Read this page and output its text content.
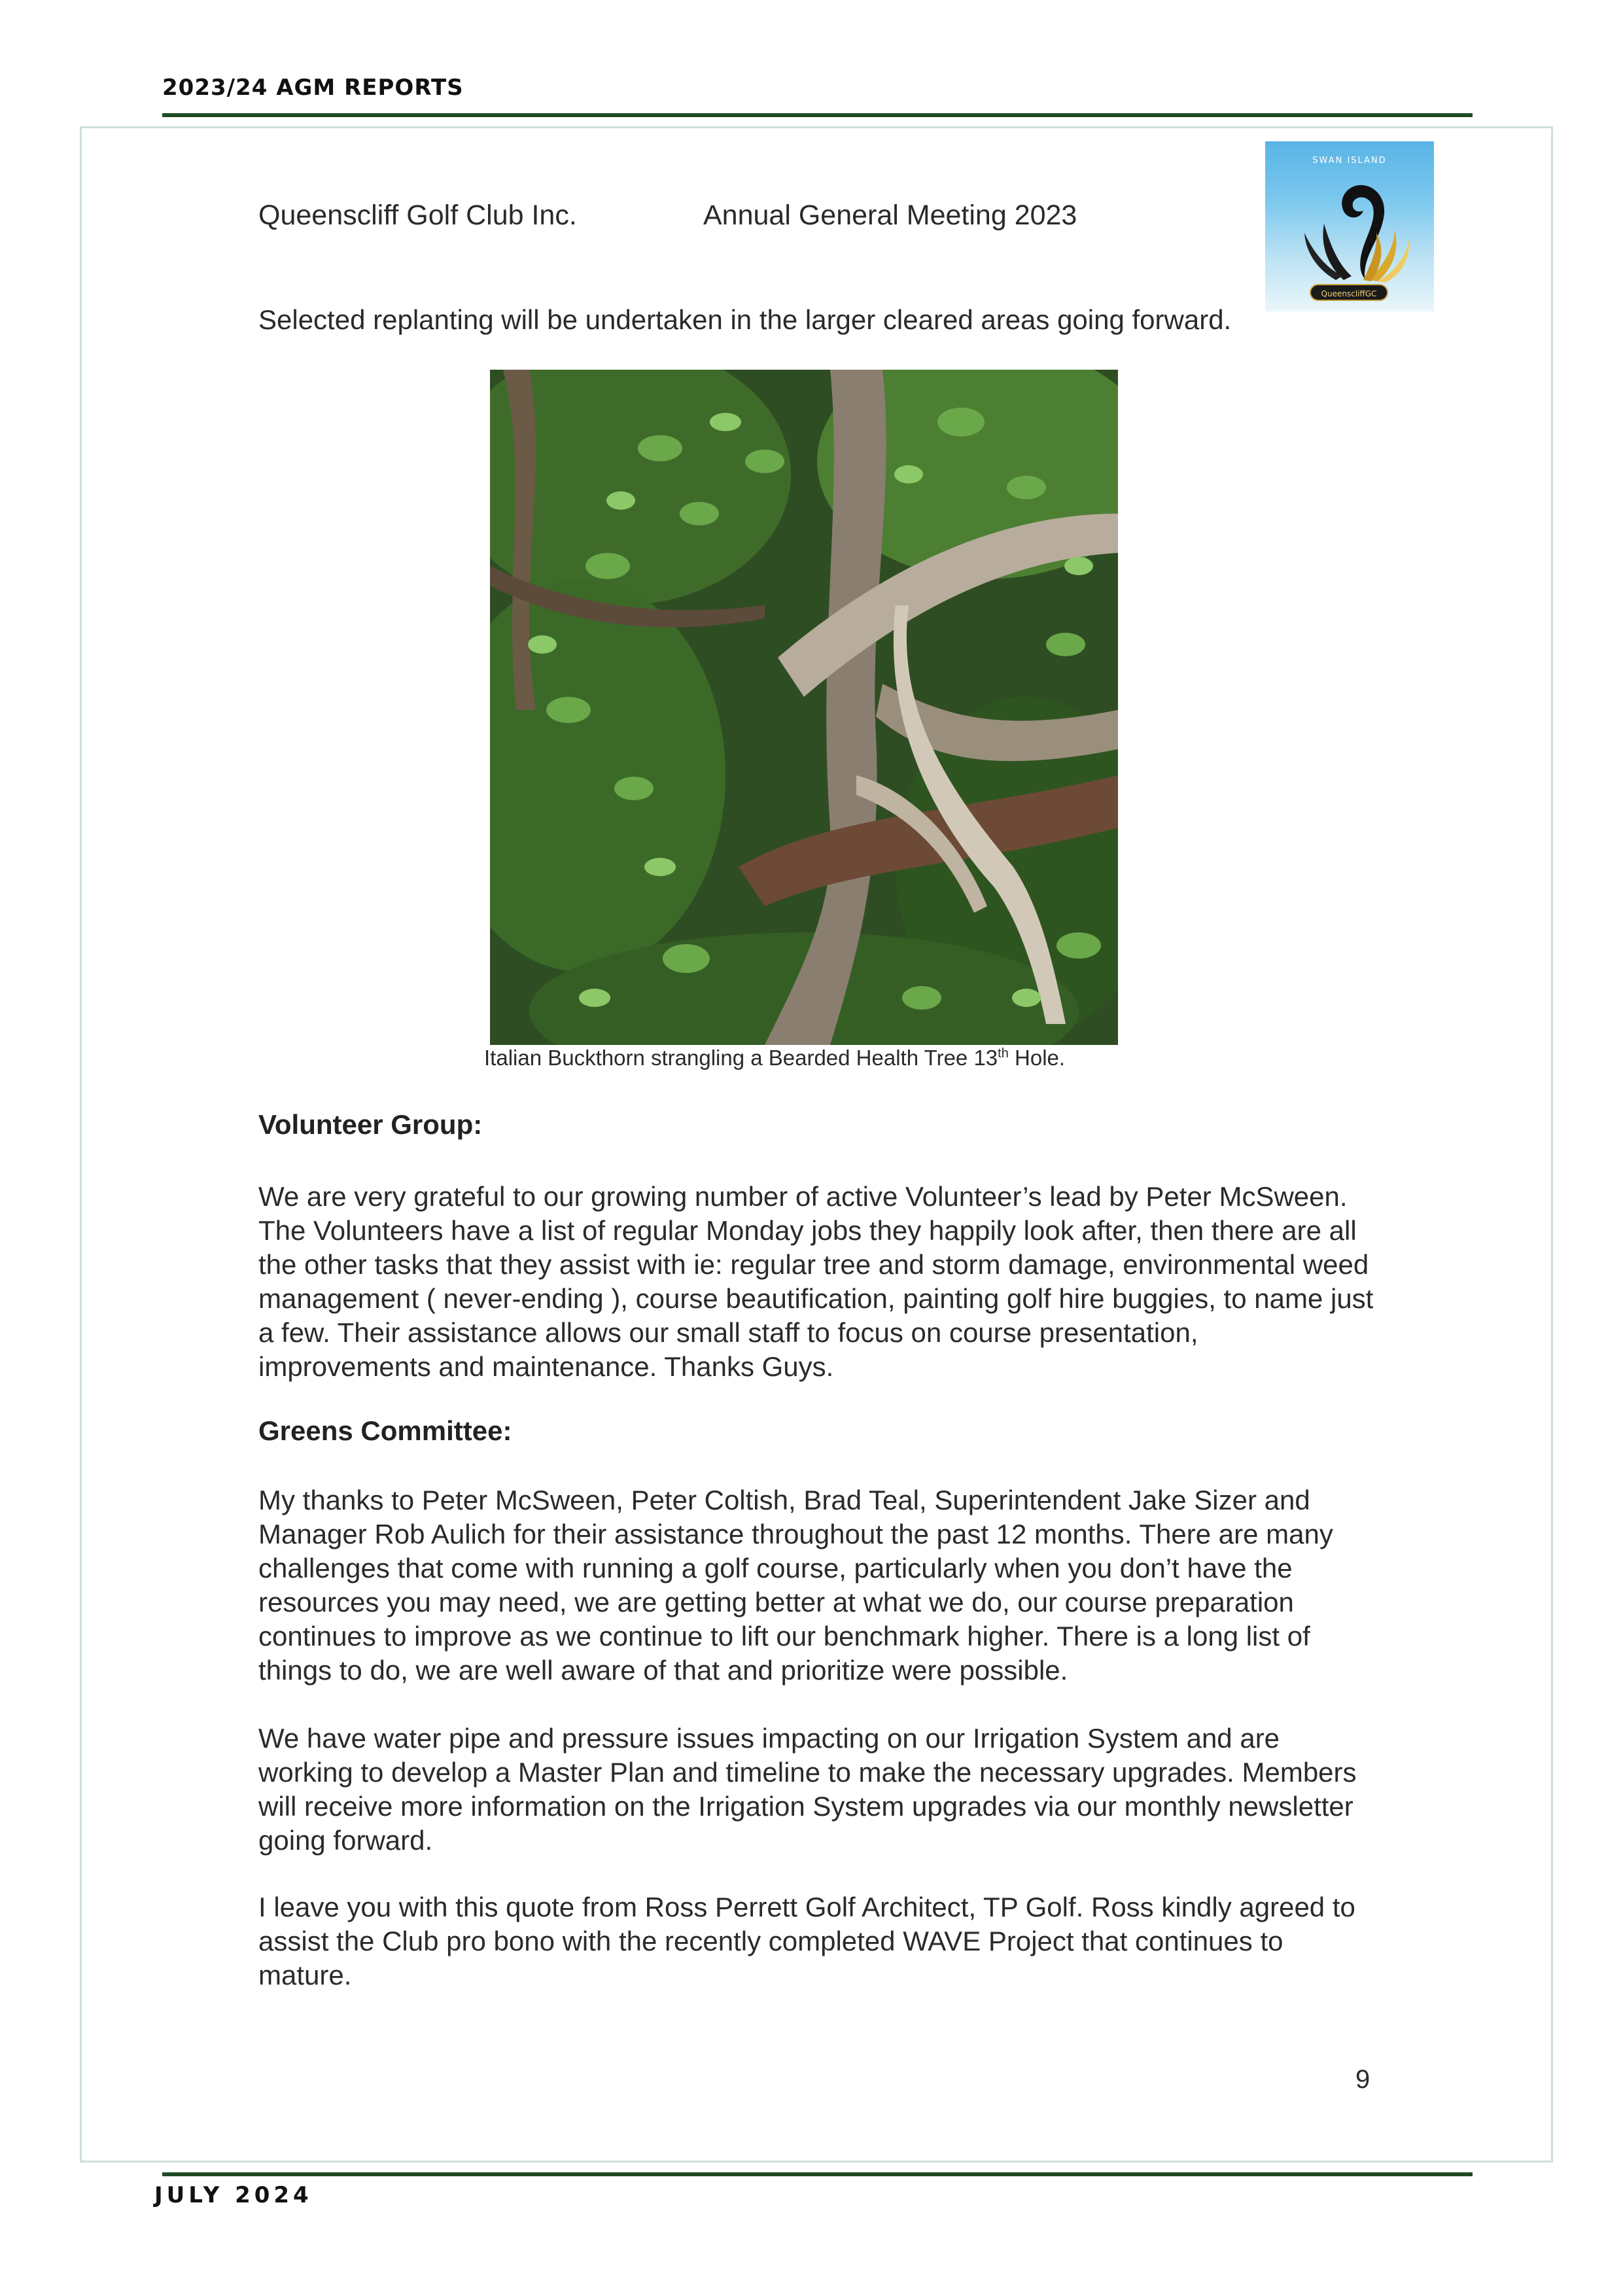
2023/24 AGM REPORTS
Queenscliff Golf Club Inc.	Annual General Meeting 2023
SWAN ISLAND
QueenscliffGC

Selected replanting will be undertaken in the larger cleared areas going forward.

Italian Buckthorn strangling a Bearded Health Tree 13th Hole.
Volunteer Group:

We are very grateful to our growing number of active Volunteer’s lead by Peter McSween. The Volunteers have a list of regular Monday jobs they happily look after, then there are all the other tasks that they assist with ie: regular tree and storm damage, environmental weed management ( never-ending ), course beautification, painting golf hire buggies, to name just a few. Their assistance allows our small staff to focus on course presentation, improvements and maintenance. Thanks Guys.

Greens Committee:

My thanks to Peter McSween, Peter Coltish, Brad Teal, Superintendent Jake Sizer and Manager Rob Aulich for their assistance throughout the past 12 months. There are many challenges that come with running a golf course, particularly when you don’t have the resources you may need, we are getting better at what we do, our course preparation continues to improve as we continue to lift our benchmark higher. There is a long list of things to do, we are well aware of that and prioritize were possible.

We have water pipe and pressure issues impacting on our Irrigation System and are working to develop a Master Plan and timeline to make the necessary upgrades. Members will receive more information on the Irrigation System upgrades via our monthly newsletter going forward.

I leave you with this quote from Ross Perrett Golf Architect, TP Golf. Ross kindly agreed to assist the Club pro bono with the recently completed WAVE Project that continues to mature.

9
JULY 2024
